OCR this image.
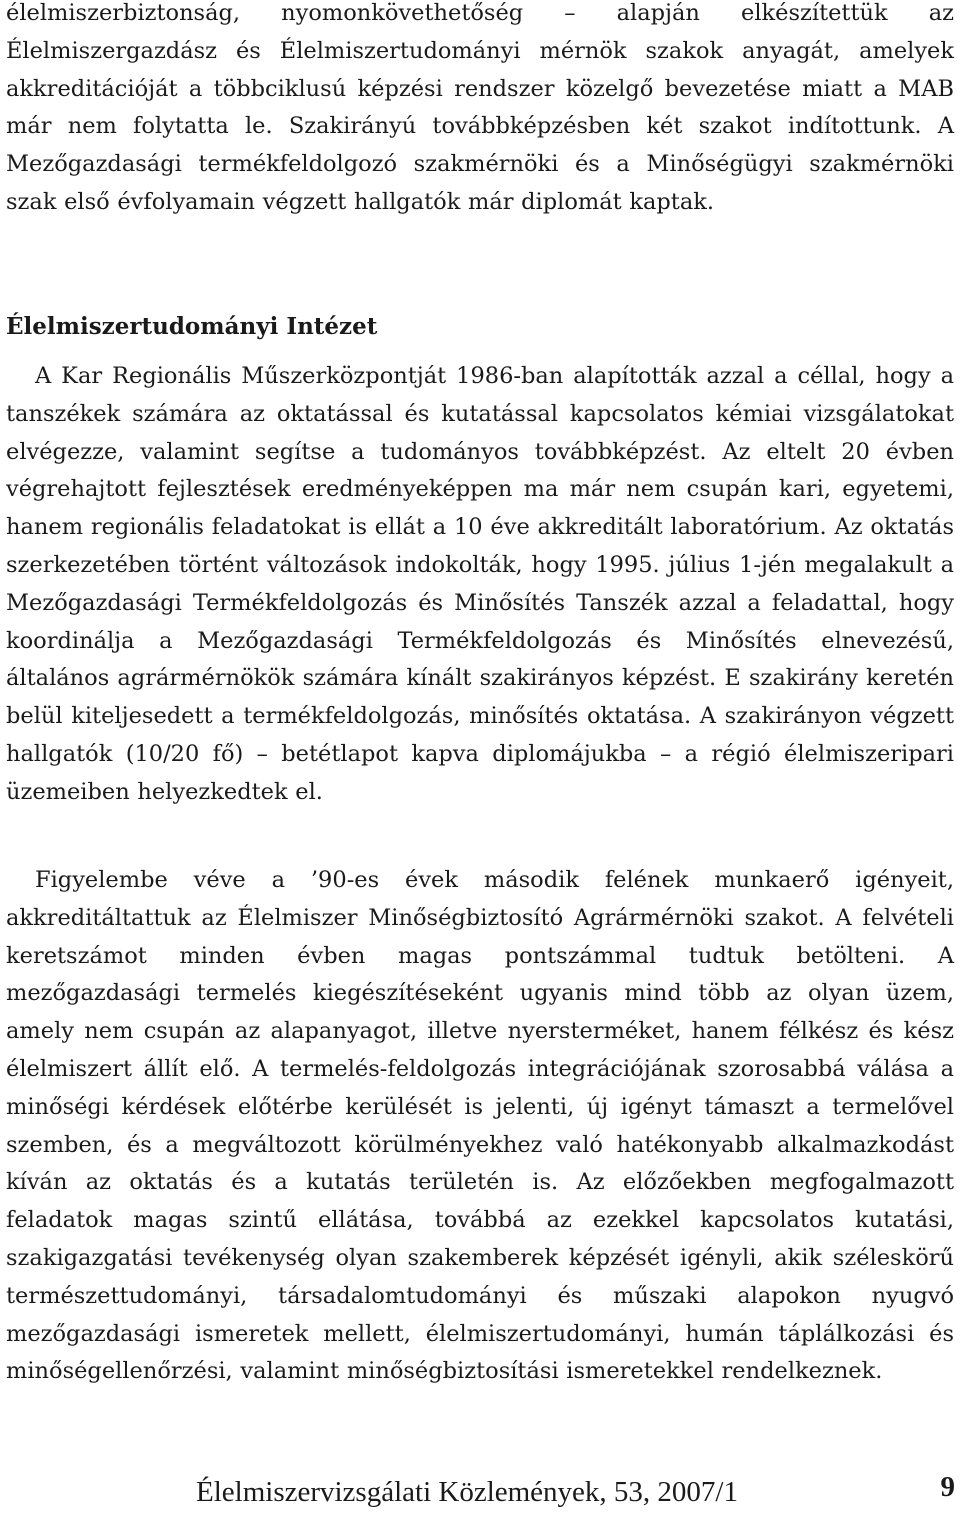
élelmiszerbiztonság, nyomonkövethetőség – alapján elkészítettük az Élelmiszergazdász és Élelmiszertudományi mérnök szakok anyagát, amelyek akkreditációját a többciklusú képzési rendszer közelgő bevezetése miatt a MAB már nem folytatta le. Szakirányú továbbképzésben két szakot indítottunk. A Mezőgazdasági termékfeldolgozó szakmérnöki és a Minőségügyi szakmérnöki szak első évfolyamain végzett hallgatók már diplomát kaptak.

Élelmiszertudományi Intézet

A Kar Regionális Műszerközpontját 1986-ban alapították azzal a céllal, hogy a tanszékek számára az oktatással és kutatással kapcsolatos kémiai vizsgálatokat elvégezze, valamint segítse a tudományos továbbképzést. Az eltelt 20 évben végrehajtott fejlesztések eredményeképpen ma már nem csupán kari, egyetemi, hanem regionális feladatokat is ellát a 10 éve akkreditált laboratórium. Az oktatás szerkezetében történt változások indokolták, hogy 1995. július 1-jén megalakult a Mezőgazdasági Termékfeldolgozás és Minősítés Tanszék azzal a feladattal, hogy koordinálja a Mezőgazdasági Termékfeldolgozás és Minősítés elnevezésű, általános agrármérnökök számára kínált szakirányos képzést. E szakirány keretén belül kiteljesedett a termékfeldolgozás, minősítés oktatása. A szakirányon végzett hallgatók (10/20 fő) – betétlapot kapva diplomájukba – a régió élelmiszeripari üzemeiben helyezkedtek el.

Figyelembe véve a ’90-es évek második felének munkaerő igényeit, akkreditáltattuk az Élelmiszer Minőségbiztosító Agrármérnöki szakot. A felvételi keretszámot minden évben magas pontszámmal tudtuk betölteni. A mezőgazdasági termelés kiegészítéseként ugyanis mind több az olyan üzem, amely nem csupán az alapanyagot, illetve nyersterméket, hanem félkész és kész élelmiszert állít elő. A termelés-feldolgozás integrációjának szorosabbá válása a minőségi kérdések előtérbe kerülését is jelenti, új igényt támaszt a termelővel szemben, és a megváltozott körülményekhez való hatékonyabb alkalmazkodást kíván az oktatás és a kutatás területén is. Az előzőekben megfogalmazott feladatok magas szintű ellátása, továbbá az ezekkel kapcsolatos kutatási, szakigazgatási tevékenység olyan szakemberek képzését igényli, akik széleskörű természettudományi, társadalomtudományi és műszaki alapokon nyugvó mezőgazdasági ismeretek mellett, élelmiszertudományi, humán táplálkozási és minőségellenőrzési, valamint minőségbiztosítási ismeretekkel rendelkeznek.

Élelmiszervizsgálati Közlemények, 53, 2007/1	9
